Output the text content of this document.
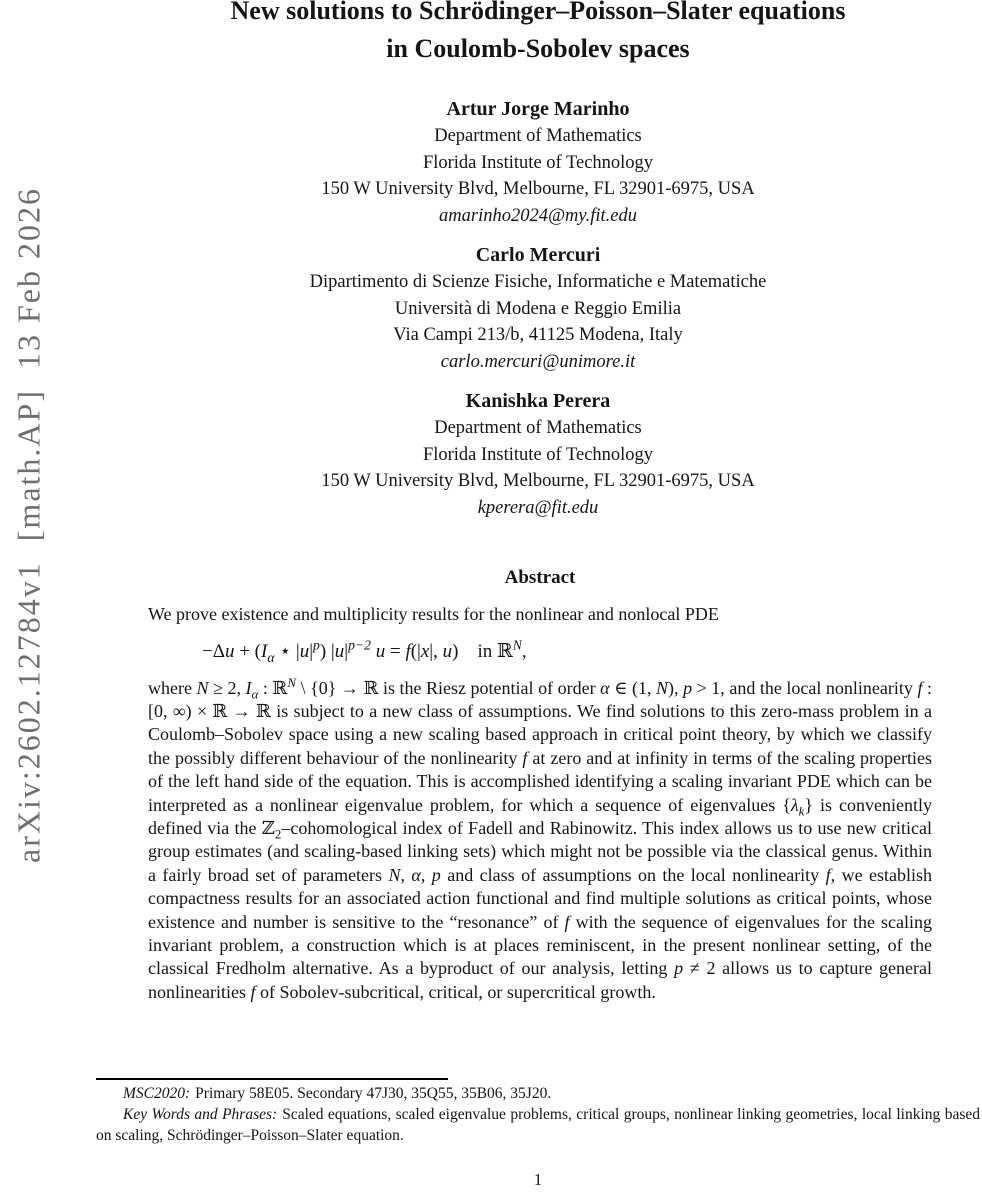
arXiv:2602.12784v1  [math.AP]  13 Feb 2026
New solutions to Schrödinger–Poisson–Slater equations
in Coulomb-Sobolev spaces
Artur Jorge Marinho
Department of Mathematics
Florida Institute of Technology
150 W University Blvd, Melbourne, FL 32901-6975, USA
amarinho2024@my.fit.edu
Carlo Mercuri
Dipartimento di Scienze Fisiche, Informatiche e Matematiche
Università di Modena e Reggio Emilia
Via Campi 213/b, 41125 Modena, Italy
carlo.mercuri@unimore.it
Kanishka Perera
Department of Mathematics
Florida Institute of Technology
150 W University Blvd, Melbourne, FL 32901-6975, USA
kperera@fit.edu
Abstract

We prove existence and multiplicity results for the nonlinear and nonlocal PDE

$-\Delta u + (I_\alpha$ ⋆ $|u|^p$) $|u|^{p-2}$ u = f(|x|, u) in ℝ$^N$,

where N ≥ 2, $I_\alpha$ : ℝ$^N$ \ {0} → ℝ is the Riesz potential of order α ∈ (1, N), p > 1, and the local nonlinearity f : [0, ∞) × ℝ → ℝ is subject to a new class of assumptions. We find solutions to this zero-mass problem in a Coulomb–Sobolev space using a new scaling based approach in critical point theory, by which we classify the possibly different behaviour of the nonlinearity f at zero and at infinity in terms of the scaling properties of the left hand side of the equation. This is accomplished identifying a scaling invariant PDE which can be interpreted as a nonlinear eigenvalue problem, for which a sequence of eigenvalues $\{\lambda_k\}$ is conveniently defined via the ℤ$_2$–cohomological index of Fadell and Rabinowitz. This index allows us to use new critical group estimates (and scaling-based linking sets) which might not be possible via the classical genus. Within a fairly broad set of parameters N, α, p and class of assumptions on the local nonlinearity f, we establish compactness results for an associated action functional and find multiple solutions as critical points, whose existence and number is sensitive to the “resonance” of f with the sequence of eigenvalues for the scaling invariant problem, a construction which is at places reminiscent, in the present nonlinear setting, of the classical Fredholm alternative. As a byproduct of our analysis, letting p ≠ 2 allows us to capture general nonlinearities f of Sobolev-subcritical, critical, or supercritical growth.

MSC2020: Primary 58E05. Secondary 47J30, 35Q55, 35B06, 35J20.

Key Words and Phrases: Scaled equations, scaled eigenvalue problems, critical groups, nonlinear linking geometries, local linking based on scaling, Schrödinger–Poisson–Slater equation.

1
